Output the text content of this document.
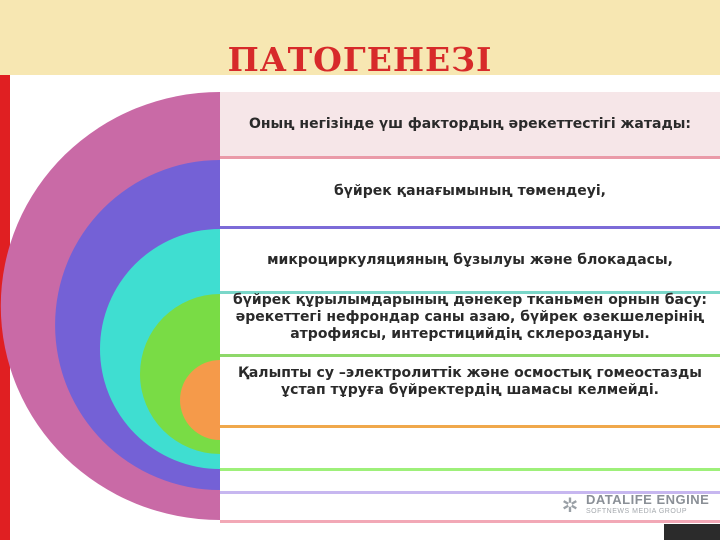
ПАТОГЕНЕЗІ
Оның негізінде үш фактордың әрекеттестігі жатады:
бүйрек қанағымының төмендеуі,
микроциркуляцияның бұзылуы және блокадасы,
бүйрек құрылымдарының дәнекер тканьмен орнын басу: әрекеттегі нефрондар саны азаю, бүйрек өзекшелерінің атрофиясы, интерстицийдің склероздануы.
Қалыпты су –электролиттік және осмостық гомеостазды ұстап тұруға бүйректердің шамасы келмейді.
✲ DATALIFE ENGINE
SOFTNEWS MEDIA GROUP
